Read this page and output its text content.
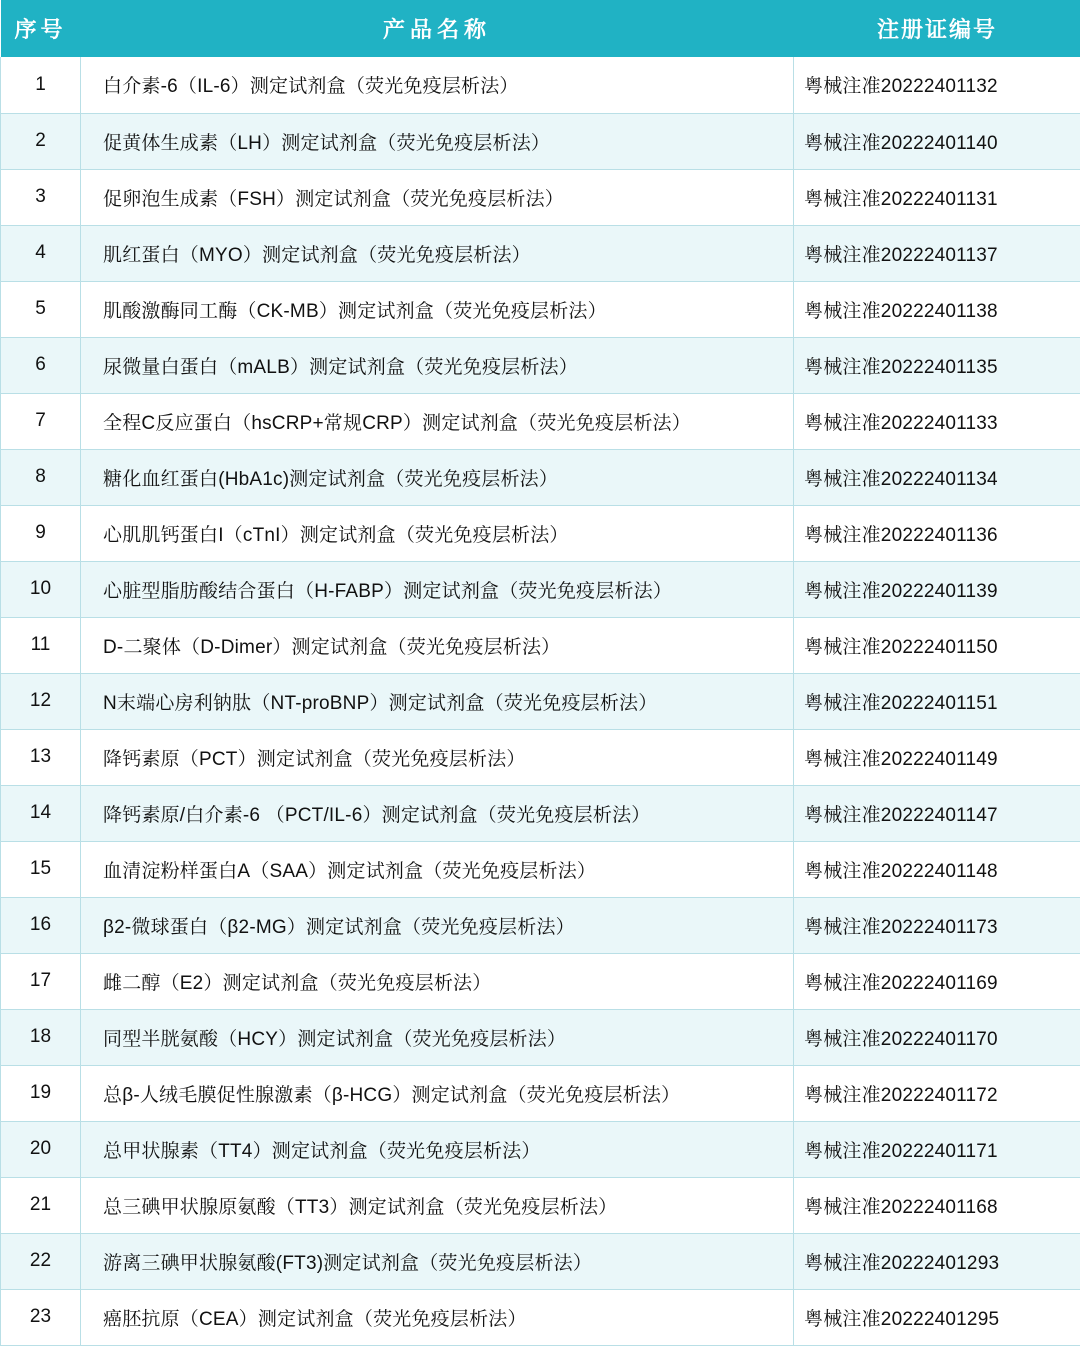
序号	产品名称	注册证编号
1	白介素-6（IL-6）测定试剂盒（荧光免疫层析法）	粤械注准20222401132
2	促黄体生成素（LH）测定试剂盒（荧光免疫层析法）	粤械注准20222401140
3	促卵泡生成素（FSH）测定试剂盒（荧光免疫层析法）	粤械注准20222401131
4	肌红蛋白（MYO）测定试剂盒（荧光免疫层析法）	粤械注准20222401137
5	肌酸激酶同工酶（CK-MB）测定试剂盒（荧光免疫层析法）	粤械注准20222401138
6	尿微量白蛋白（mALB）测定试剂盒（荧光免疫层析法）	粤械注准20222401135
7	全程C反应蛋白（hsCRP+常规CRP）测定试剂盒（荧光免疫层析法）	粤械注准20222401133
8	糖化血红蛋白(HbA1c)测定试剂盒（荧光免疫层析法）	粤械注准20222401134
9	心肌肌钙蛋白I（cTnI）测定试剂盒（荧光免疫层析法）	粤械注准20222401136
10	心脏型脂肪酸结合蛋白（H-FABP）测定试剂盒（荧光免疫层析法）	粤械注准20222401139
11	D-二聚体（D-Dimer）测定试剂盒（荧光免疫层析法）	粤械注准20222401150
12	N末端心房利钠肽（NT-proBNP）测定试剂盒（荧光免疫层析法）	粤械注准20222401151
13	降钙素原（PCT）测定试剂盒（荧光免疫层析法）	粤械注准20222401149
14	降钙素原/白介素-6 （PCT/IL-6）测定试剂盒（荧光免疫层析法）	粤械注准20222401147
15	血清淀粉样蛋白A（SAA）测定试剂盒（荧光免疫层析法）	粤械注准20222401148
16	β2-微球蛋白（β2-MG）测定试剂盒（荧光免疫层析法）	粤械注准20222401173
17	雌二醇（E2）测定试剂盒（荧光免疫层析法）	粤械注准20222401169
18	同型半胱氨酸（HCY）测定试剂盒（荧光免疫层析法）	粤械注准20222401170
19	总β-人绒毛膜促性腺激素（β-HCG）测定试剂盒（荧光免疫层析法）	粤械注准20222401172
20	总甲状腺素（TT4）测定试剂盒（荧光免疫层析法）	粤械注准20222401171
21	总三碘甲状腺原氨酸（TT3）测定试剂盒（荧光免疫层析法）	粤械注准20222401168
22	游离三碘甲状腺氨酸(FT3)测定试剂盒（荧光免疫层析法）	粤械注准20222401293
23	癌胚抗原（CEA）测定试剂盒（荧光免疫层析法）	粤械注准20222401295
